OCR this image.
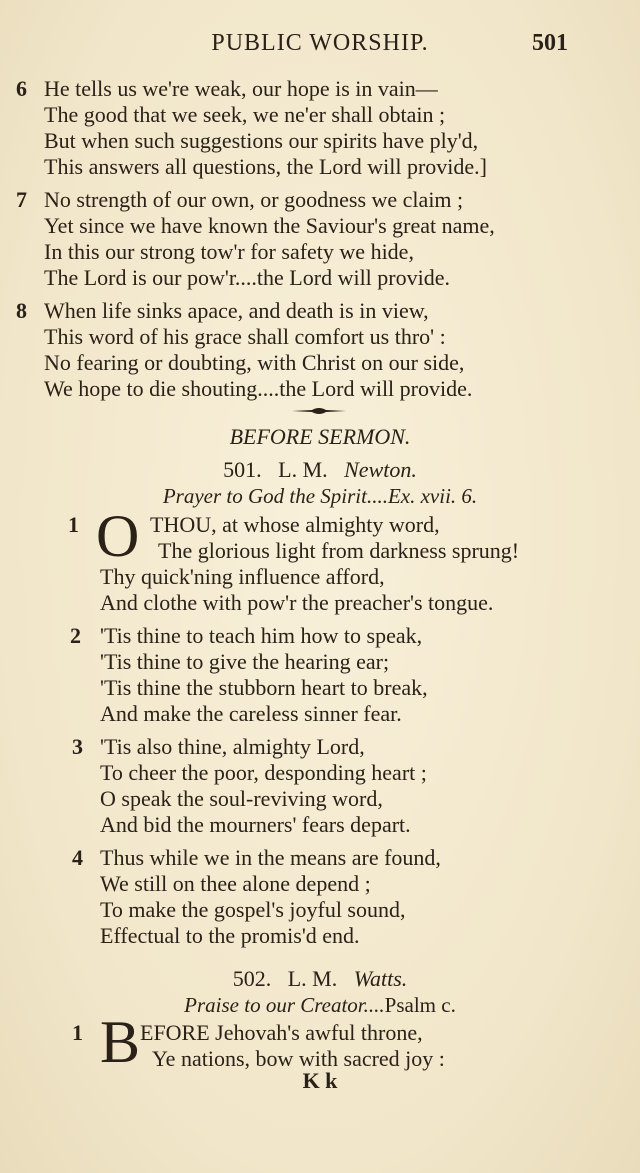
PUBLIC WORSHIP.	501
6 He tells us we're weak, our hope is in vain—
The good that we seek, we ne'er shall obtain ;
But when such suggestions our spirits have ply'd,
This answers all questions, the Lord will provide.]
7 No strength of our own, or goodness we claim ;
Yet since we have known the Saviour's great name,
In this our strong tow'r for safety we hide,
The Lord is our pow'r....the Lord will provide.
8 When life sinks apace, and death is in view,
This word of his grace shall comfort us thro' :
No fearing or doubting, with Christ on our side,
We hope to die shouting....the Lord will provide.
BEFORE SERMON.
501. L. M. Newton.
Prayer to God the Spirit....Ex. xvii. 6.
1 O THOU, at whose almighty word,
The glorious light from darkness sprung!
Thy quick'ning influence afford,
And clothe with pow'r the preacher's tongue.
2 'Tis thine to teach him how to speak,
'Tis thine to give the hearing ear;
'Tis thine the stubborn heart to break,
And make the careless sinner fear.
3 'Tis also thine, almighty Lord,
To cheer the poor, desponding heart ;
O speak the soul-reviving word,
And bid the mourners' fears depart.
4 Thus while we in the means are found,
We still on thee alone depend ;
To make the gospel's joyful sound,
Effectual to the promis'd end.
502. L. M. Watts.
Praise to our Creator....Psalm c.
1 B EFORE Jehovah's awful throne,
Ye nations, bow with sacred joy :
K k
